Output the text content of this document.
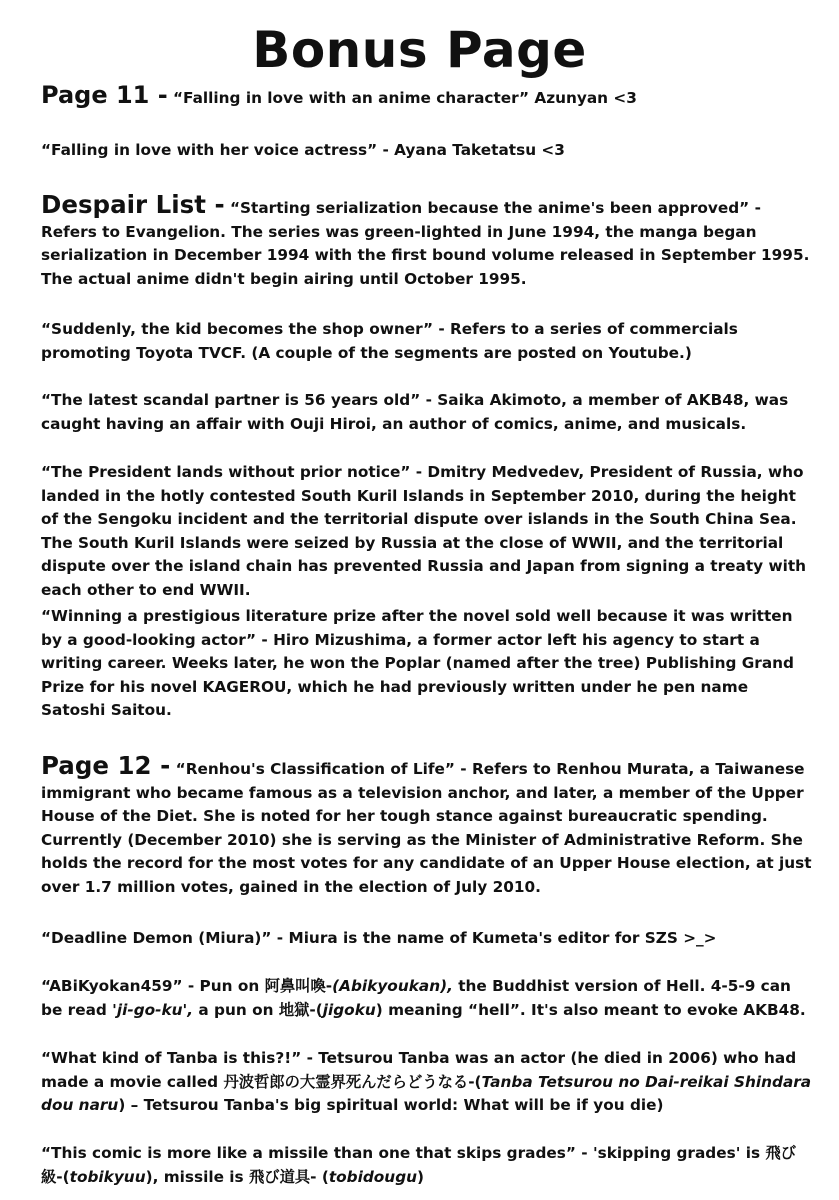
Bonus Page
Page 11 - “Falling in love with an anime character” Azunyan <3
“Falling in love with her voice actress” - Ayana Taketatsu <3
Despair List - “Starting serialization because the anime's been approved” - Refers to Evangelion. The series was green-lighted in June 1994, the manga began serialization in December 1994 with the first bound volume released in September 1995. The actual anime didn't begin airing until October 1995.
“Suddenly, the kid becomes the shop owner” - Refers to a series of commercials promoting Toyota TVCF. (A couple of the segments are posted on Youtube.)
“The latest scandal partner is 56 years old” - Saika Akimoto, a member of AKB48, was caught having an affair with Ouji Hiroi, an author of comics, anime, and musicals.
“The President lands without prior notice” - Dmitry Medvedev, President of Russia, who landed in the hotly contested South Kuril Islands in September 2010, during the height of the Sengoku incident and the territorial dispute over islands in the South China Sea. The South Kuril Islands were seized by Russia at the close of WWII, and the territorial dispute over the island chain has prevented Russia and Japan from signing a treaty with each other to end WWII.
“Winning a prestigious literature prize after the novel sold well because it was written by a good-looking actor” - Hiro Mizushima, a former actor left his agency to start a writing career. Weeks later, he won the Poplar (named after the tree) Publishing Grand Prize for his novel KAGEROU, which he had previously written under he pen name Satoshi Saitou.
Page 12 - “Renhou's Classification of Life” - Refers to Renhou Murata, a Taiwanese immigrant who became famous as a television anchor, and later, a member of the Upper House of the Diet. She is noted for her tough stance against bureaucratic spending. Currently (December 2010) she is serving as the Minister of Administrative Reform. She holds the record for the most votes for any candidate of an Upper House election, at just over 1.7 million votes, gained in the election of July 2010.
“Deadline Demon (Miura)” - Miura is the name of Kumeta's editor for SZS >_>
“ABiKyokan459” - Pun on 阿鼻叫喚-(Abikyoukan), the Buddhist version of Hell. 4-5-9 can be read 'ji-go-ku', a pun on 地獄-(jigoku) meaning “hell”. It's also meant to evoke AKB48.
“What kind of Tanba is this?!” - Tetsurou Tanba was an actor (he died in 2006) who had made a movie called 丹波哲郎の大霊界死んだらどうなる-(Tanba Tetsurou no Dai-reikai Shindara dou naru) – Tetsurou Tanba's big spiritual world: What will be if you die)
“This comic is more like a missile than one that skips grades” - 'skipping grades' is 飛び級-(tobikyuu), missile is 飛び道具- (tobidougu)
